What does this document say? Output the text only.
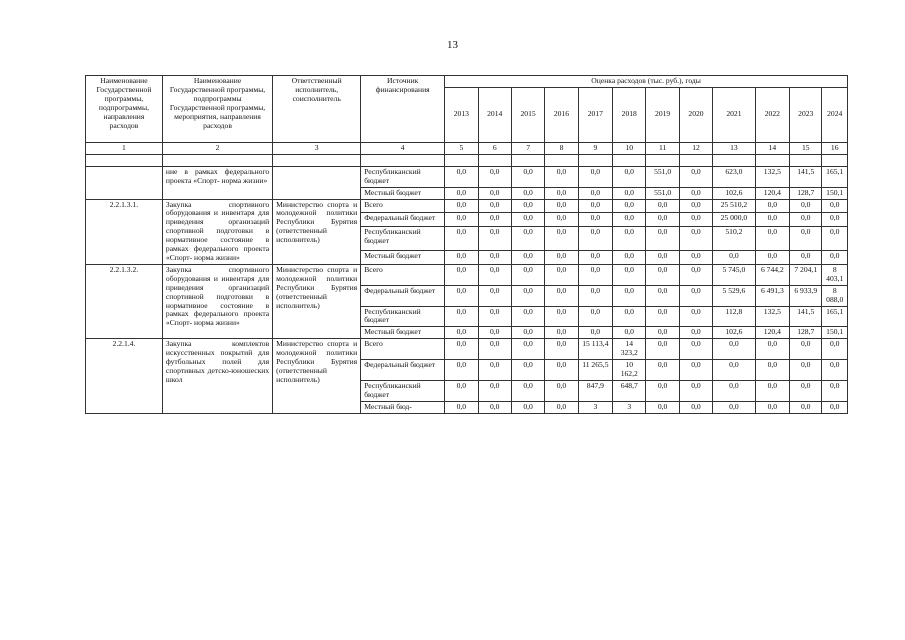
13
Наименование Государственной программы, подпрограммы, направления расходов	Наименование Государственной программы, подпрограммы Государственной программы, мероприятия, направления расходов	Ответственный исполнитель, соисполнитель	Источник финансирования	Оценка расходов (тыс. руб.), годы											
				2013	2014	2015	2016	2017	2018	2019	2020	2021	2022	2023	2024
1	2	3	4	5	6	7	8	9	10	11	12	13	14	15	16

	ние в рамках федерального проекта «Спорт- норма жизни»		Республиканский бюджет	0,0	0,0	0,0	0,0	0,0	0,0	551,0	0,0	623,0	132,5	141,5	165,1
			Местный бюджет	0,0	0,0	0,0	0,0	0,0	0,0	551,0	0,0	102,6	120,4	128,7	150,1
2.2.1.3.1.	Закупка спортивного оборудования и инвентаря для приведения организаций спортивной подготовки в нормативное состояние в рамках федерального проекта «Спорт- норма жизни»	Министерство спорта и молодежной политики Республики Бурятия (ответственный исполнитель)	Всего	0,0	0,0	0,0	0,0	0,0	0,0	0,0	0,0	25 510,2	0,0	0,0	0,0
			Федеральный бюджет	0,0	0,0	0,0	0,0	0,0	0,0	0,0	0,0	25 000,0	0,0	0,0	0,0
			Республиканский бюджет	0,0	0,0	0,0	0,0	0,0	0,0	0,0	0,0	510,2	0,0	0,0	0,0
			Местный бюджет	0,0	0,0	0,0	0,0	0,0	0,0	0,0	0,0	0,0	0,0	0,0	0,0
2.2.1.3.2.	Закупка спортивного оборудования и инвентаря для приведения организаций спортивной подготовки в нормативное состояние в рамках федерального проекта «Спорт- норма жизни»	Министерство спорта и молодежной политики Республики Бурятия (ответственный исполнитель)	Всего	0,0	0,0	0,0	0,0	0,0	0,0	0,0	0,0	5 745,0	6 744,2	7 204,1	8 403,1
			Федеральный бюджет	0,0	0,0	0,0	0,0	0,0	0,0	0,0	0,0	5 529,6	6 491,3	6 933,9	8 088,0
			Республиканский бюджет	0,0	0,0	0,0	0,0	0,0	0,0	0,0	0,0	112,8	132,5	141,5	165,1
			Местный бюджет	0,0	0,0	0,0	0,0	0,0	0,0	0,0	0,0	102,6	120,4	128,7	150,1
2.2.1.4.	Закупка комплектов искусственных покрытий для футбольных полей для спортивных детско-юношеских школ	Министерство спорта и молодежной политики Республики Бурятия (ответственный исполнитель)	Всего	0,0	0,0	0,0	0,0	15 113,4	14 323,2	0,0	0,0	0,0	0,0	0,0	0,0
			Федеральный бюджет	0,0	0,0	0,0	0,0	11 265,5	10 162,2	0,0	0,0	0,0	0,0	0,0	0,0
			Республиканский бюджет	0,0	0,0	0,0	0,0	847,9	648,7	0,0	0,0	0,0	0,0	0,0	0,0
			Местный бюд-	0,0	0,0	0,0	0,0	3	3	0,0	0,0	0,0	0,0	0,0	0,0
